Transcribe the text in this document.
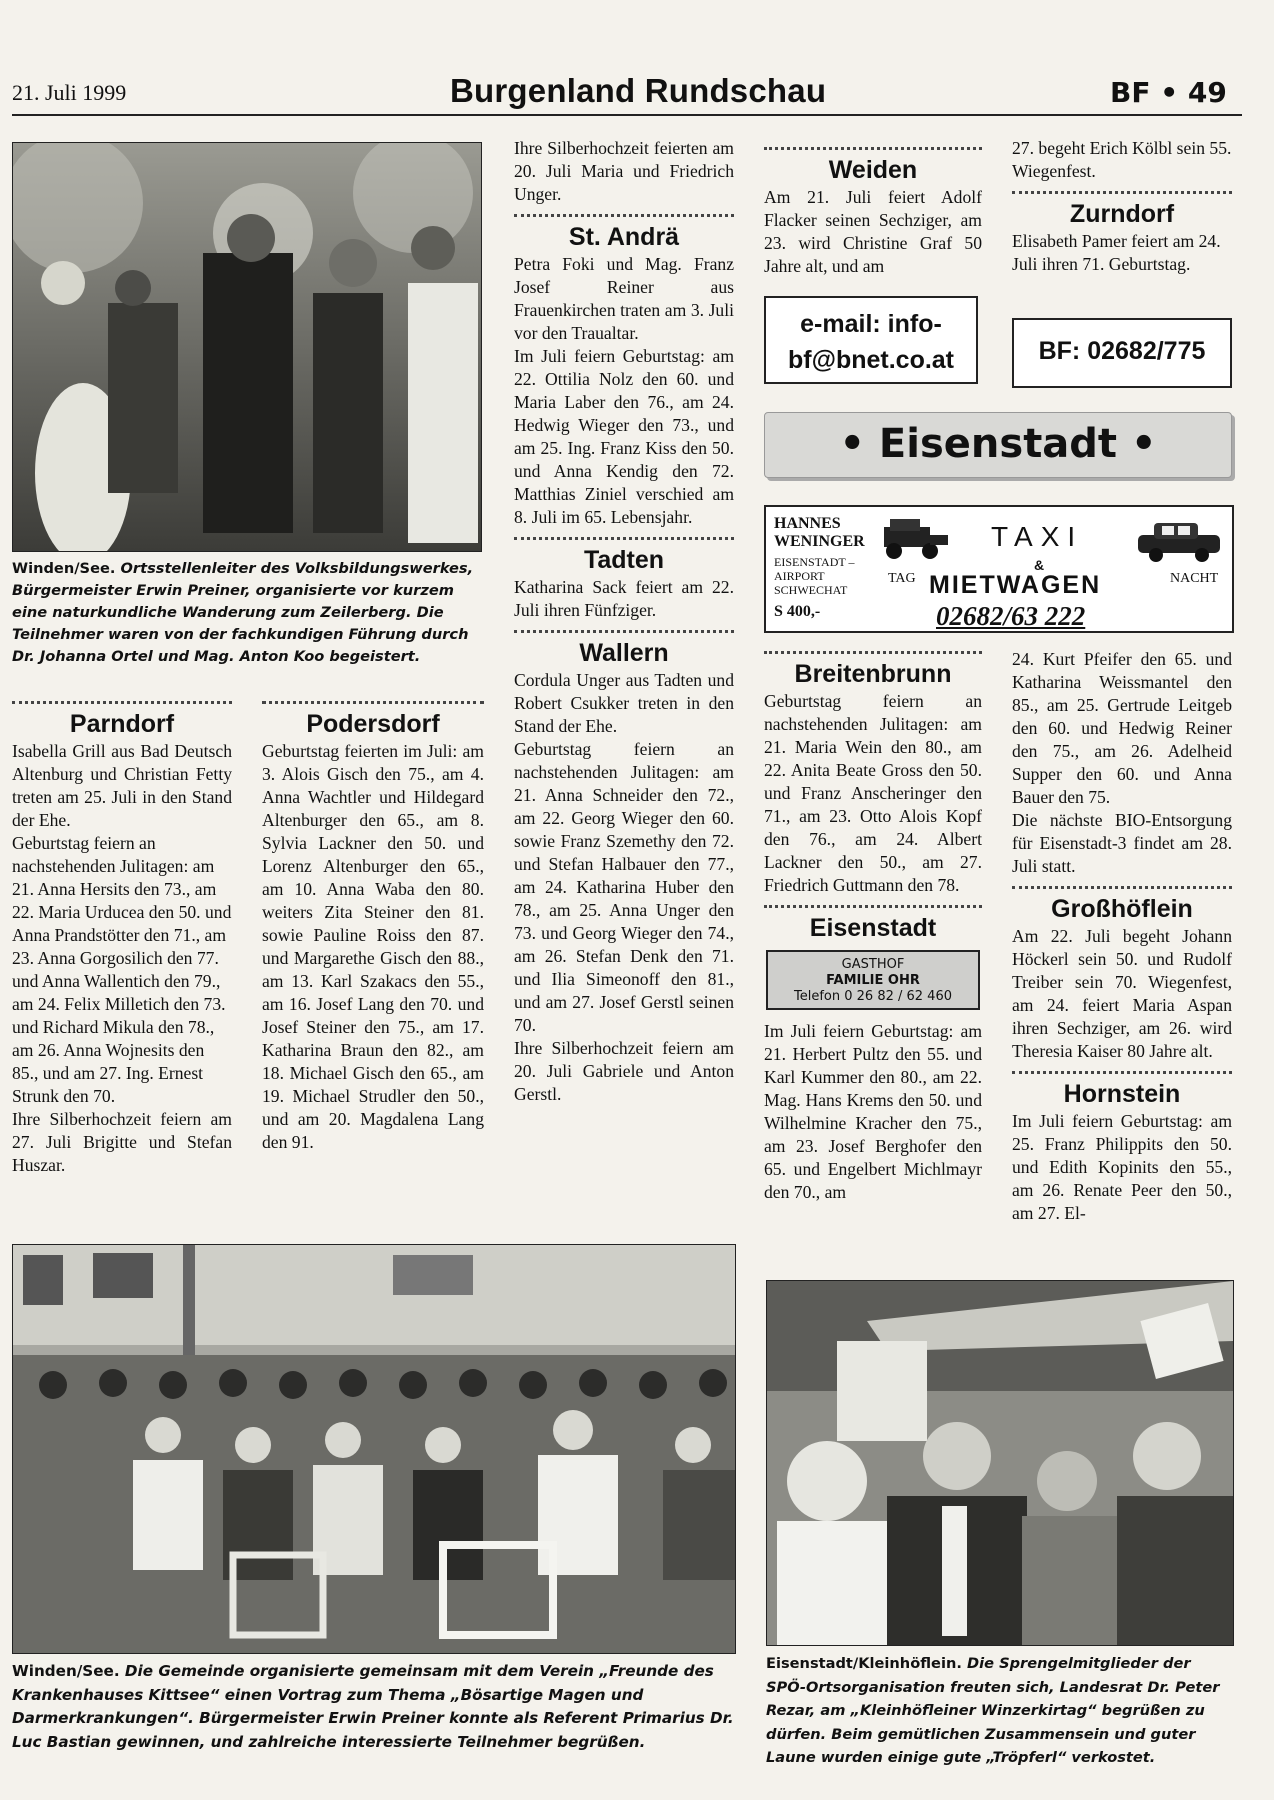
21. Juli 1999	Burgenland Rundschau	BF • 49
Winden/See. Ortsstellenleiter des Volksbildungswerkes, Bürgermeister Erwin Preiner, organisierte vor kurzem eine naturkundliche Wanderung zum Zeilerberg. Die Teilnehmer waren von der fachkundigen Führung durch Dr. Johanna Ortel und Mag. Anton Koo begeistert.
Parndorf

Isabella Grill aus Bad Deutsch Altenburg und Christian Fetty treten am 25. Juli in den Stand der Ehe.

Geburtstag feiern an nachstehenden Julitagen: am 21. Anna Hersits den 73., am 22. Maria Urducea den 50. und Anna Prandstötter den 71., am 23. Anna Gorgosilich den 77. und Anna Wallentich den 79., am 24. Felix Milletich den 73. und Richard Mikula den 78., am 26. Anna Wojnesits den 85., und am 27. Ing. Ernest Strunk den 70.

Ihre Silberhochzeit feiern am 27. Juli Brigitte und Stefan Huszar.

Podersdorf

Geburtstag feierten im Juli: am 3. Alois Gisch den 75., am 4. Anna Wachtler und Hildegard Altenburger den 65., am 8. Sylvia Lackner den 50. und Lorenz Altenburger den 65., am 10. Anna Waba den 80. weiters Zita Steiner den 81. sowie Pauline Roiss den 87. und Margarethe Gisch den 88., am 13. Karl Szakacs den 55., am 16. Josef Lang den 70. und Josef Steiner den 75., am 17. Katharina Braun den 82., am 18. Michael Gisch den 65., am 19. Michael Strudler den 50., und am 20. Magdalena Lang den 91.

Ihre Silberhochzeit feierten am 20. Juli Maria und Friedrich Unger.

St. Andrä

Petra Foki und Mag. Franz Josef Reiner aus Frauenkirchen traten am 3. Juli vor den Traualtar.

Im Juli feiern Geburtstag: am 22. Ottilia Nolz den 60. und Maria Laber den 76., am 24. Hedwig Wieger den 73., und am 25. Ing. Franz Kiss den 50. und Anna Kendig den 72. Matthias Ziniel verschied am 8. Juli im 65. Lebensjahr.

Tadten

Katharina Sack feiert am 22. Juli ihren Fünfziger.

Wallern

Cordula Unger aus Tadten und Robert Csukker treten in den Stand der Ehe.

Geburtstag feiern an nachstehenden Julitagen: am 21. Anna Schneider den 72., am 22. Georg Wieger den 60. sowie Franz Szemethy den 72. und Stefan Halbauer den 77., am 24. Katharina Huber den 78., am 25. Anna Unger den 73. und Georg Wieger den 74., am 26. Stefan Denk den 71. und Ilia Simeonoff den 81., und am 27. Josef Gerstl seinen 70.

Ihre Silberhochzeit feiern am 20. Juli Gabriele und Anton Gerstl.

Weiden

Am 21. Juli feiert Adolf Flacker seinen Sechziger, am 23. wird Christine Graf 50 Jahre alt, und am

27. begeht Erich Kölbl sein 55. Wiegenfest.

Zurndorf

Elisabeth Pamer feiert am 24. Juli ihren 71. Geburtstag.

e-mail: info-
bf@bnet.co.at	BF: 02682/775
• Eisenstadt •
HANNES
WENINGER
EISENSTADT –
AIRPORT
SCHWECHAT
S 400,-
TAXI
&
TAG MIETWAGEN	NACHT
02682/63 222
Breitenbrunn

Geburtstag feiern an nachstehenden Julitagen: am 21. Maria Wein den 80., am 22. Anita Beate Gross den 50. und Franz Anscheringer den 71., am 23. Otto Alois Kopf den 76., am 24. Albert Lackner den 50., am 27. Friedrich Guttmann den 78.

Eisenstadt
GASTHOF
FAMILIE OHR
Telefon 0 26 82 / 62 460

Im Juli feiern Geburtstag: am 21. Herbert Pultz den 55. und Karl Kummer den 80., am 22. Mag. Hans Krems den 50. und Wilhelmine Kracher den 75., am 23. Josef Berghofer den 65. und Engelbert Michlmayr den 70., am

24. Kurt Pfeifer den 65. und Katharina Weissmantel den 85., am 25. Gertrude Leitgeb den 60. und Hedwig Reiner den 75., am 26. Adelheid Supper den 60. und Anna Bauer den 75.

Die nächste BIO-Entsorgung für Eisenstadt-3 findet am 28. Juli statt.

Großhöflein

Am 22. Juli begeht Johann Höckerl sein 50. und Rudolf Treiber sein 70. Wiegenfest, am 24. feiert Maria Aspan ihren Sechziger, am 26. wird Theresia Kaiser 80 Jahre alt.

Hornstein

Im Juli feiern Geburtstag: am 25. Franz Philippits den 50. und Edith Kopinits den 55., am 26. Renate Peer den 50., am 27. El-

Winden/See. Die Gemeinde organisierte gemeinsam mit dem Verein „Freunde des Krankenhauses Kittsee“ einen Vortrag zum Thema „Bösartige Magen und Darmerkrankungen“. Bürgermeister Erwin Preiner konnte als Referent Primarius Dr. Luc Bastian gewinnen, und zahlreiche interessierte Teilnehmer begrüßen.
Eisenstadt/Kleinhöflein. Die Sprengelmitglieder der SPÖ-Ortsorganisation freuten sich, Landesrat Dr. Peter Rezar, am „Kleinhöfleiner Winzerkirtag“ begrüßen zu dürfen. Beim gemütlichen Zusammensein und guter Laune wurden einige gute „Tröpferl“ verkostet.
